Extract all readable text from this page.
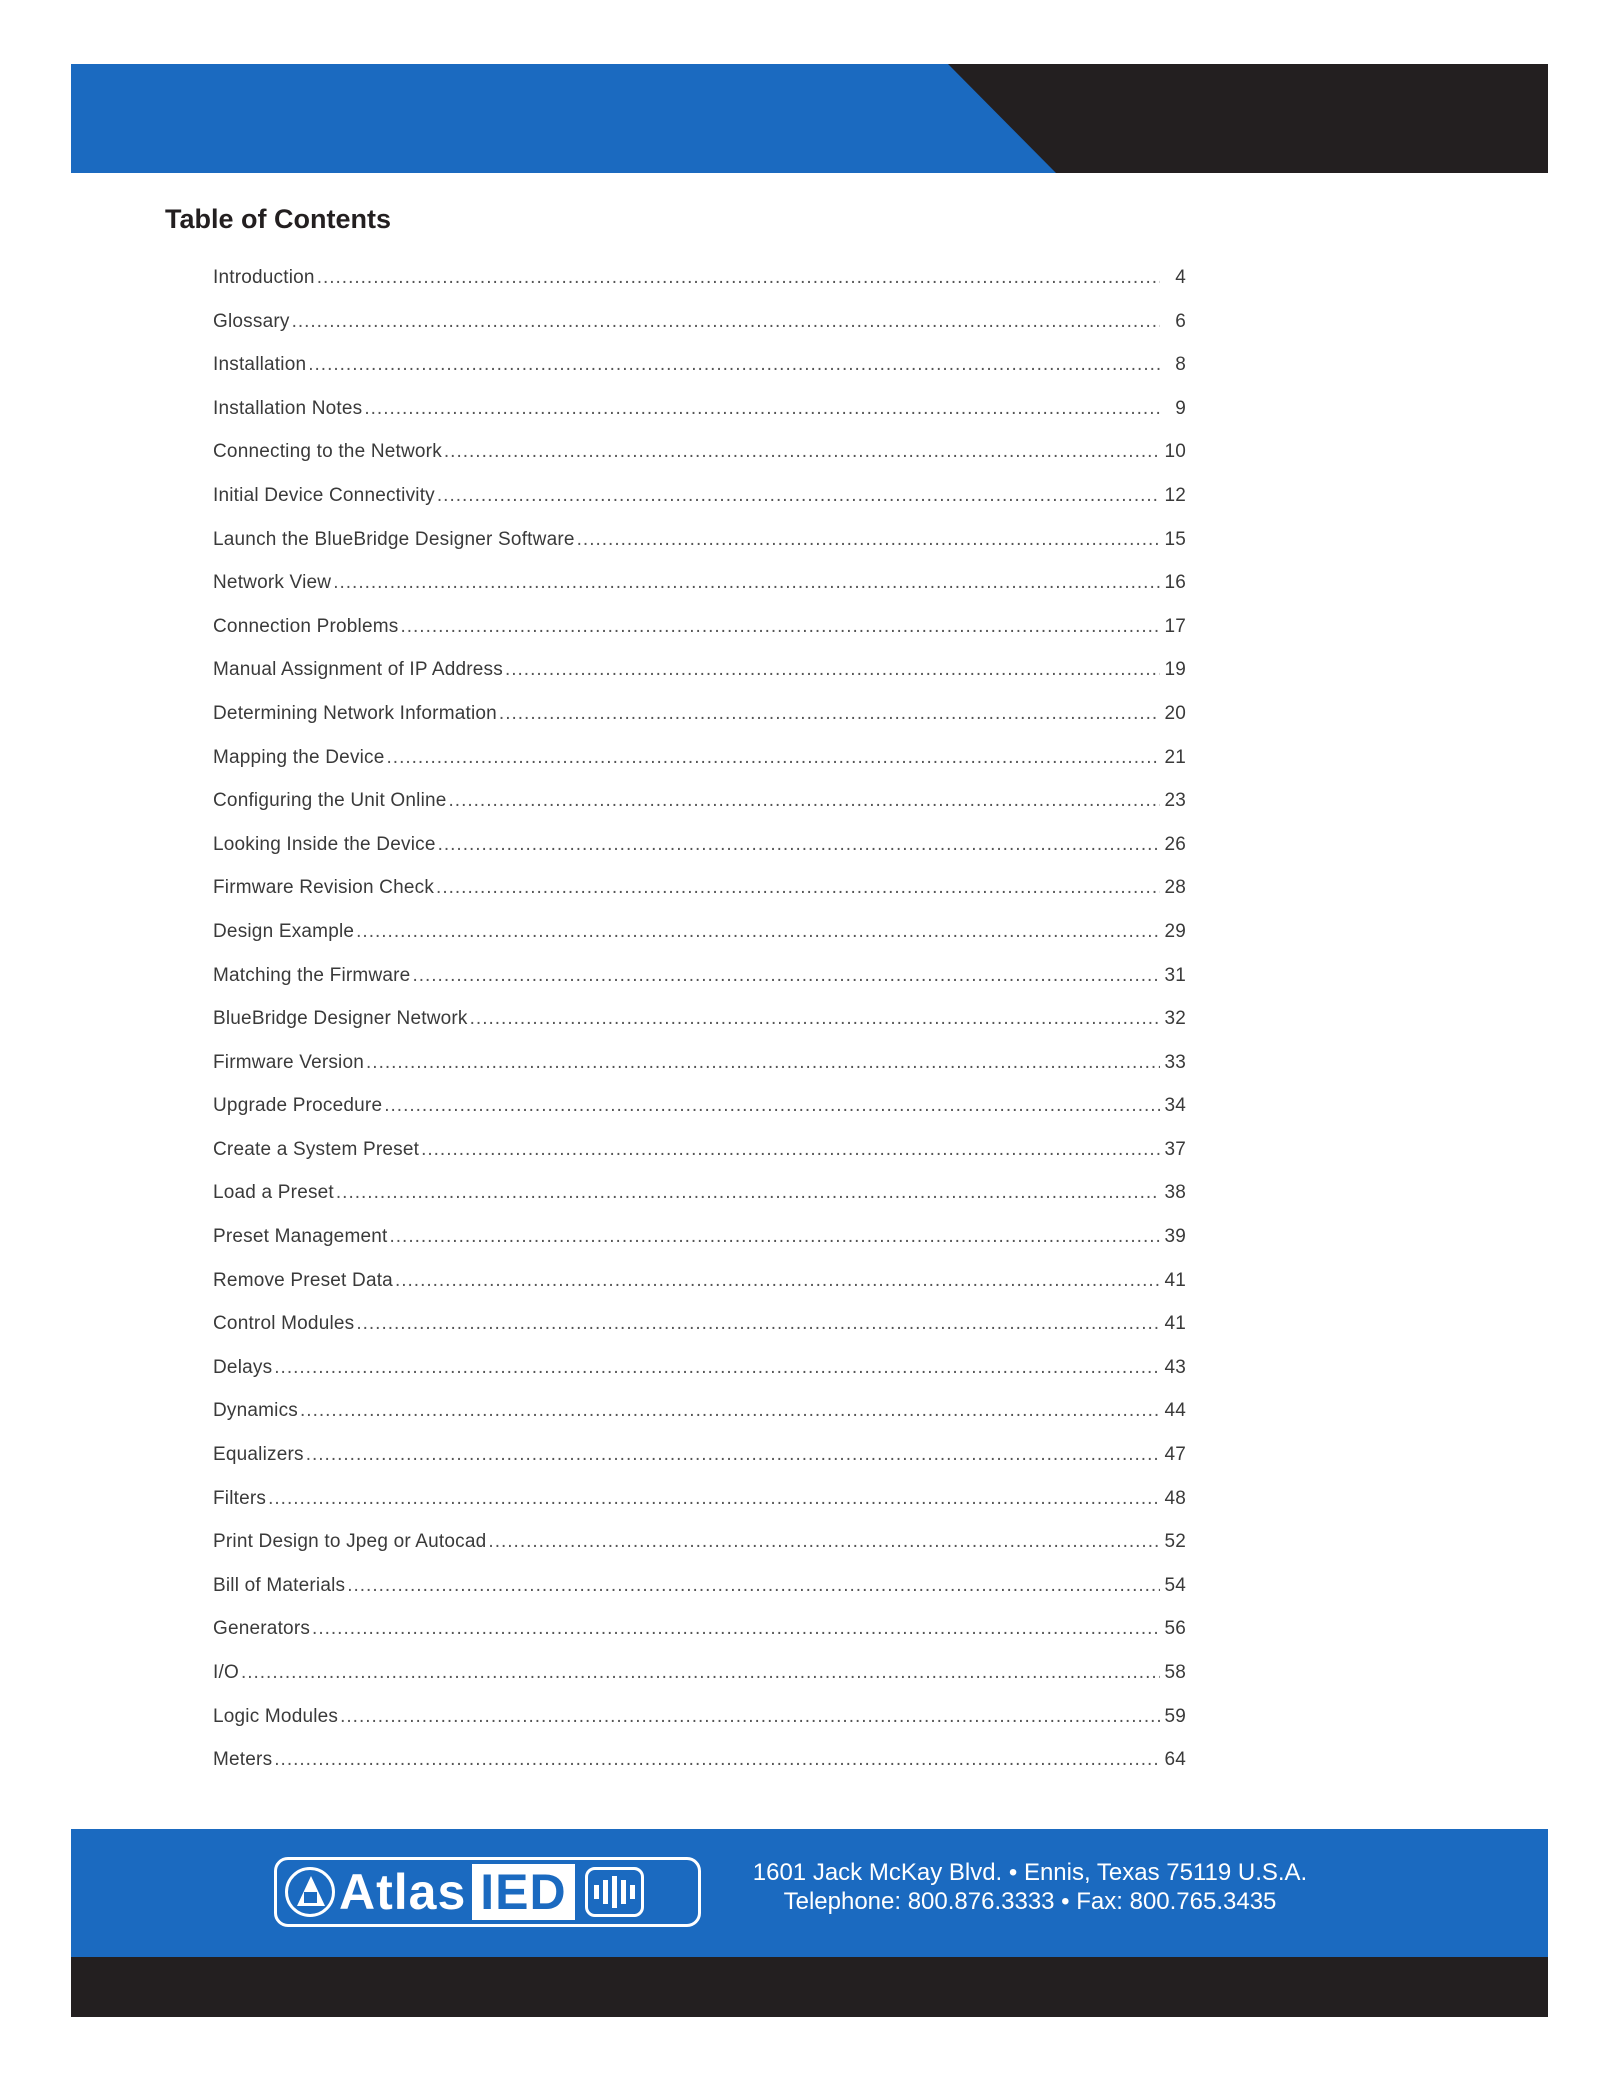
Table of Contents
Introduction .....	4
Glossary .....	6
Installation .....	8
Installation Notes .....	9
Connecting to the Network .....	10
Initial Device Connectivity .....	12
Launch the BlueBridge Designer Software .....	15
Network View .....	16
Connection Problems .....	17
Manual Assignment of IP Address .....	19
Determining Network Information .....	20
Mapping the Device .....	21
Configuring the Unit Online .....	23
Looking Inside the Device .....	26
Firmware Revision Check .....	28
Design Example .....	29
Matching the Firmware .....	31
BlueBridge Designer Network .....	32
Firmware Version .....	33
Upgrade Procedure .....	34
Create a System Preset .....	37
Load a Preset .....	38
Preset Management .....	39
Remove Preset Data .....	41
Control Modules .....	41
Delays .....	43
Dynamics .....	44
Equalizers .....	47
Filters .....	48
Print Design to Jpeg or Autocad .....	52
Bill of Materials .....	54
Generators .....	56
I/O .....	58
Logic Modules .....	59
Meters .....	64
Atlas IED	1601 Jack McKay Blvd. • Ennis, Texas 75119 U.S.A.
Telephone: 800.876.3333 • Fax: 800.765.3435
